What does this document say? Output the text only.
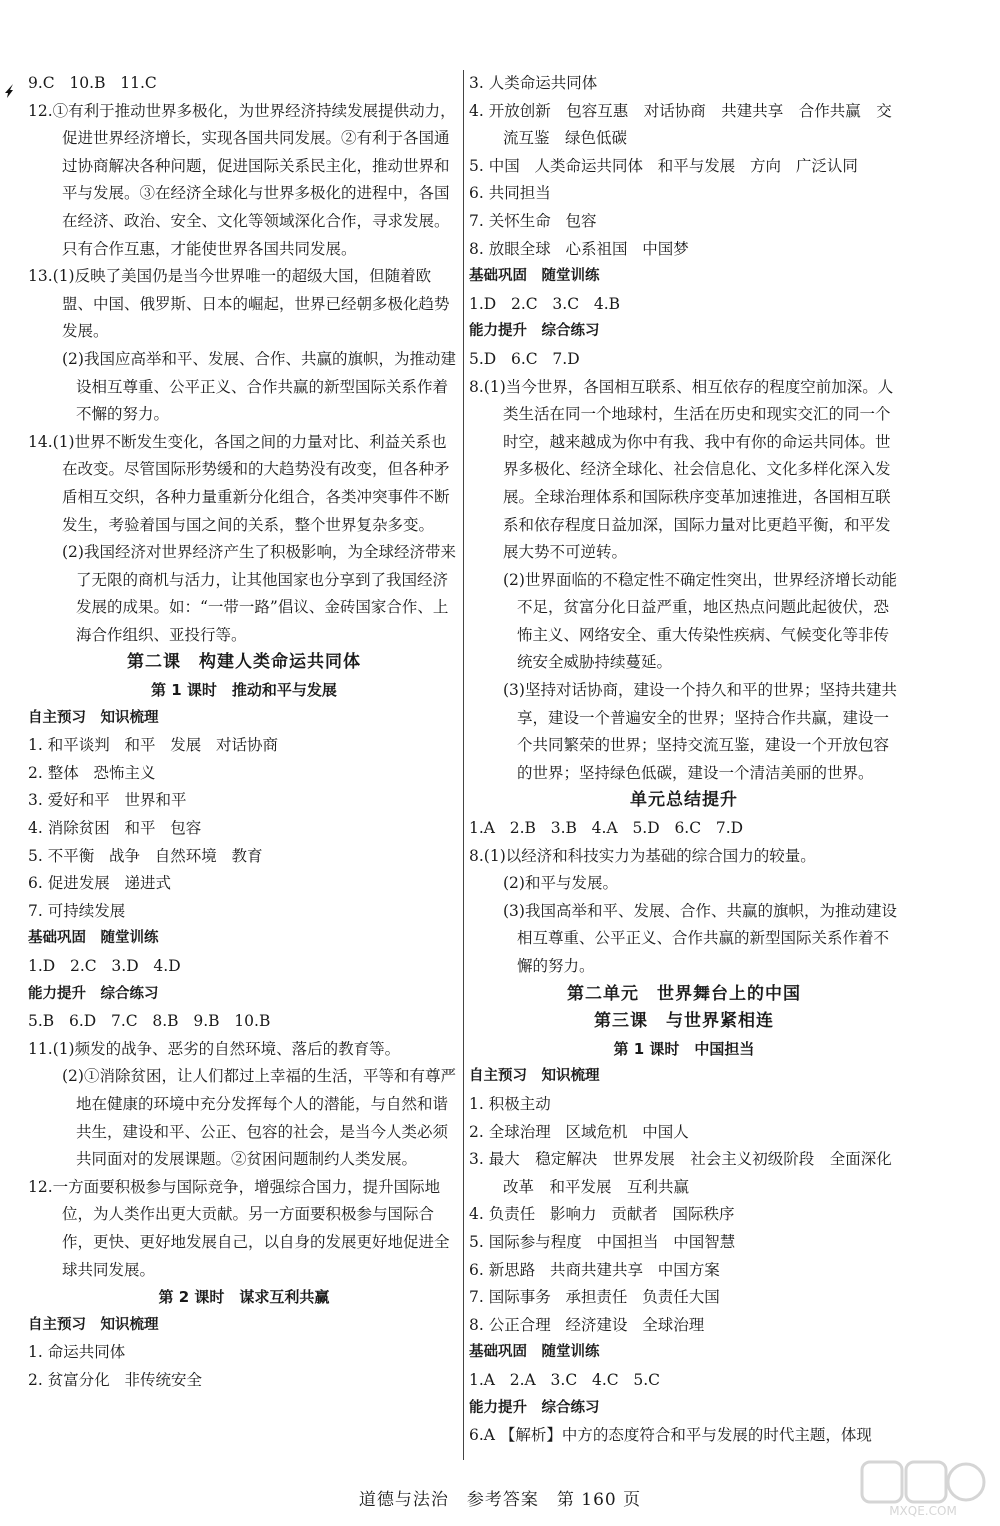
9.C   10.B   11.C
12.①有利于推动世界多极化，为世界经济持续发展提供动力，促进世界经济增长，实现各国共同发展。②有利于各国通过协商解决各种问题，促进国际关系民主化，推动世界和平与发展。③在经济全球化与世界多极化的进程中，各国在经济、政治、安全、文化等领域深化合作，寻求发展。只有合作互惠，才能使世界各国共同发展。
13.(1)反映了美国仍是当今世界唯一的超级大国，但随着欧盟、中国、俄罗斯、日本的崛起，世界已经朝多极化趋势发展。
(2)我国应高举和平、发展、合作、共赢的旗帜，为推动建设相互尊重、公平正义、合作共赢的新型国际关系作着不懈的努力。
14.(1)世界不断发生变化，各国之间的力量对比、利益关系也在改变。尽管国际形势缓和的大趋势没有改变，但各种矛盾相互交织，各种力量重新分化组合，各类冲突事件不断发生，考验着国与国之间的关系，整个世界复杂多变。
(2)我国经济对世界经济产生了积极影响，为全球经济带来了无限的商机与活力，让其他国家也分享到了我国经济发展的成果。如：“一带一路”倡议、金砖国家合作、上海合作组织、亚投行等。
第二课　构建人类命运共同体
第 1 课时　推动和平与发展
自主预习　知识梳理
1. 和平谈判   和平   发展   对话协商
2. 整体   恐怖主义
3. 爱好和平   世界和平
4. 消除贫困   和平   包容
5. 不平衡   战争   自然环境   教育
6. 促进发展   递进式
7. 可持续发展
基础巩固　随堂训练
1.D   2.C   3.D   4.D
能力提升　综合练习
5.B   6.D   7.C   8.B   9.B   10.B
11.(1)频发的战争、恶劣的自然环境、落后的教育等。
(2)①消除贫困，让人们都过上幸福的生活，平等和有尊严地在健康的环境中充分发挥每个人的潜能，与自然和谐共生，建设和平、公正、包容的社会，是当今人类必须共同面对的发展课题。②贫困问题制约人类发展。
12.一方面要积极参与国际竞争，增强综合国力，提升国际地位，为人类作出更大贡献。另一方面要积极参与国际合作，更快、更好地发展自己，以自身的发展更好地促进全球共同发展。
第 2 课时　谋求互利共赢
自主预习　知识梳理
1. 命运共同体
2. 贫富分化   非传统安全
3. 人类命运共同体
4. 开放创新　包容互惠　对话协商　共建共享　合作共赢　交流互鉴　绿色低碳
5. 中国   人类命运共同体   和平与发展   方向   广泛认同
6. 共同担当
7. 关怀生命   包容
8. 放眼全球   心系祖国   中国梦
基础巩固　随堂训练
1.D   2.C   3.C   4.B
能力提升　综合练习
5.D   6.C   7.D
8.(1)当今世界，各国相互联系、相互依存的程度空前加深。人类生活在同一个地球村，生活在历史和现实交汇的同一个时空，越来越成为你中有我、我中有你的命运共同体。世界多极化、经济全球化、社会信息化、文化多样化深入发展。全球治理体系和国际秩序变革加速推进，各国相互联系和依存程度日益加深，国际力量对比更趋平衡，和平发展大势不可逆转。
(2)世界面临的不稳定性不确定性突出，世界经济增长动能不足，贫富分化日益严重，地区热点问题此起彼伏，恐怖主义、网络安全、重大传染性疾病、气候变化等非传统安全威胁持续蔓延。
(3)坚持对话协商，建设一个持久和平的世界；坚持共建共享，建设一个普遍安全的世界；坚持合作共赢，建设一个共同繁荣的世界；坚持交流互鉴，建设一个开放包容的世界；坚持绿色低碳，建设一个清洁美丽的世界。
单元总结提升
1.A   2.B   3.B   4.A   5.D   6.C   7.D
8.(1)以经济和科技实力为基础的综合国力的较量。
(2)和平与发展。
(3)我国高举和平、发展、合作、共赢的旗帜，为推动建设相互尊重、公平正义、合作共赢的新型国际关系作着不懈的努力。
第二单元　世界舞台上的中国
第三课　与世界紧相连
第 1 课时　中国担当
自主预习　知识梳理
1. 积极主动
2. 全球治理   区域危机   中国人
3. 最大　稳定解决　世界发展　社会主义初级阶段　全面深化改革　和平发展　互利共赢
4. 负责任   影响力   贡献者   国际秩序
5. 国际参与程度   中国担当   中国智慧
6. 新思路   共商共建共享   中国方案
7. 国际事务   承担责任   负责任大国
8. 公正合理   经济建设   全球治理
基础巩固　随堂训练
1.A   2.A   3.C   4.C   5.C
能力提升　综合练习
6.A 【解析】中方的态度符合和平与发展的时代主题，体现
道德与法治　参考答案　第 160 页
MXQE.COM
